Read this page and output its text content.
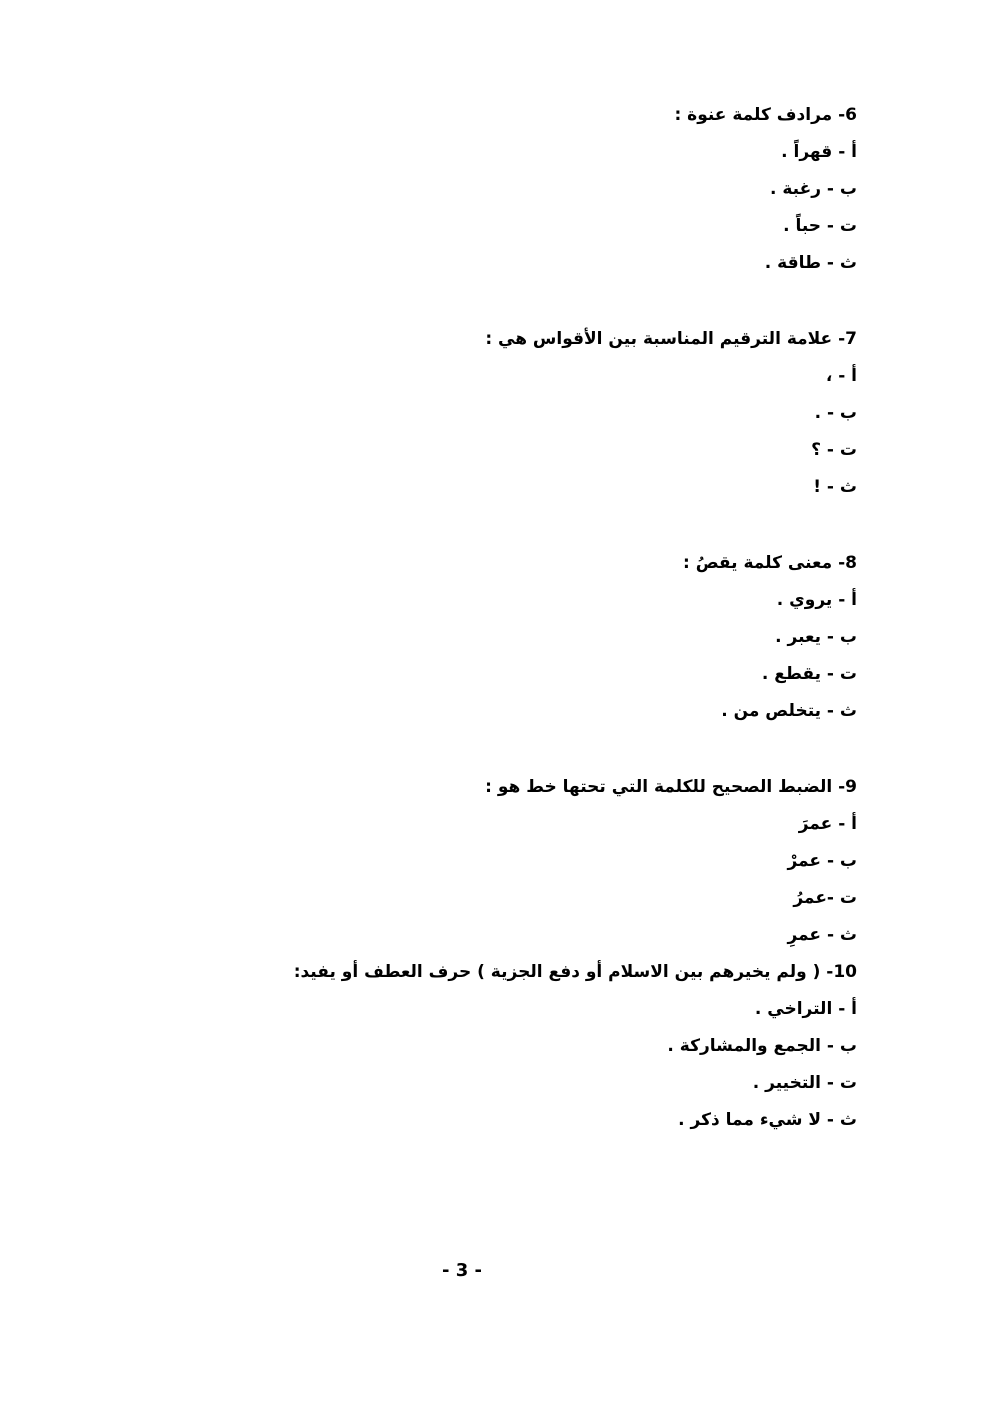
6- مرادف كلمة عنوة :
أ - قهراً .
ب - رغبة .
ت - حباً .
ث - طاقة .
7- علامة الترقيم المناسبة بين الأقواس هي :
أ - ،
ب - .
ت - ؟
ث - !
8- معنى كلمة يقصُ :
أ - يروي .
ب - يعبر .
ت - يقطع .
ث - يتخلص من .
9- الضبط الصحيح للكلمة التي تحتها خط هو :
أ - عمرَ
ب - عمرْ
ت -عمرُ
ث - عمرِ
10- ( ولم يخيرهم بين الاسلام أو دفع الجزية ) حرف العطف أو يفيد:
أ - التراخي .
ب - الجمع والمشاركة .
ت - التخيير .
ث - لا شيء مما ذكر .
- 3 -
